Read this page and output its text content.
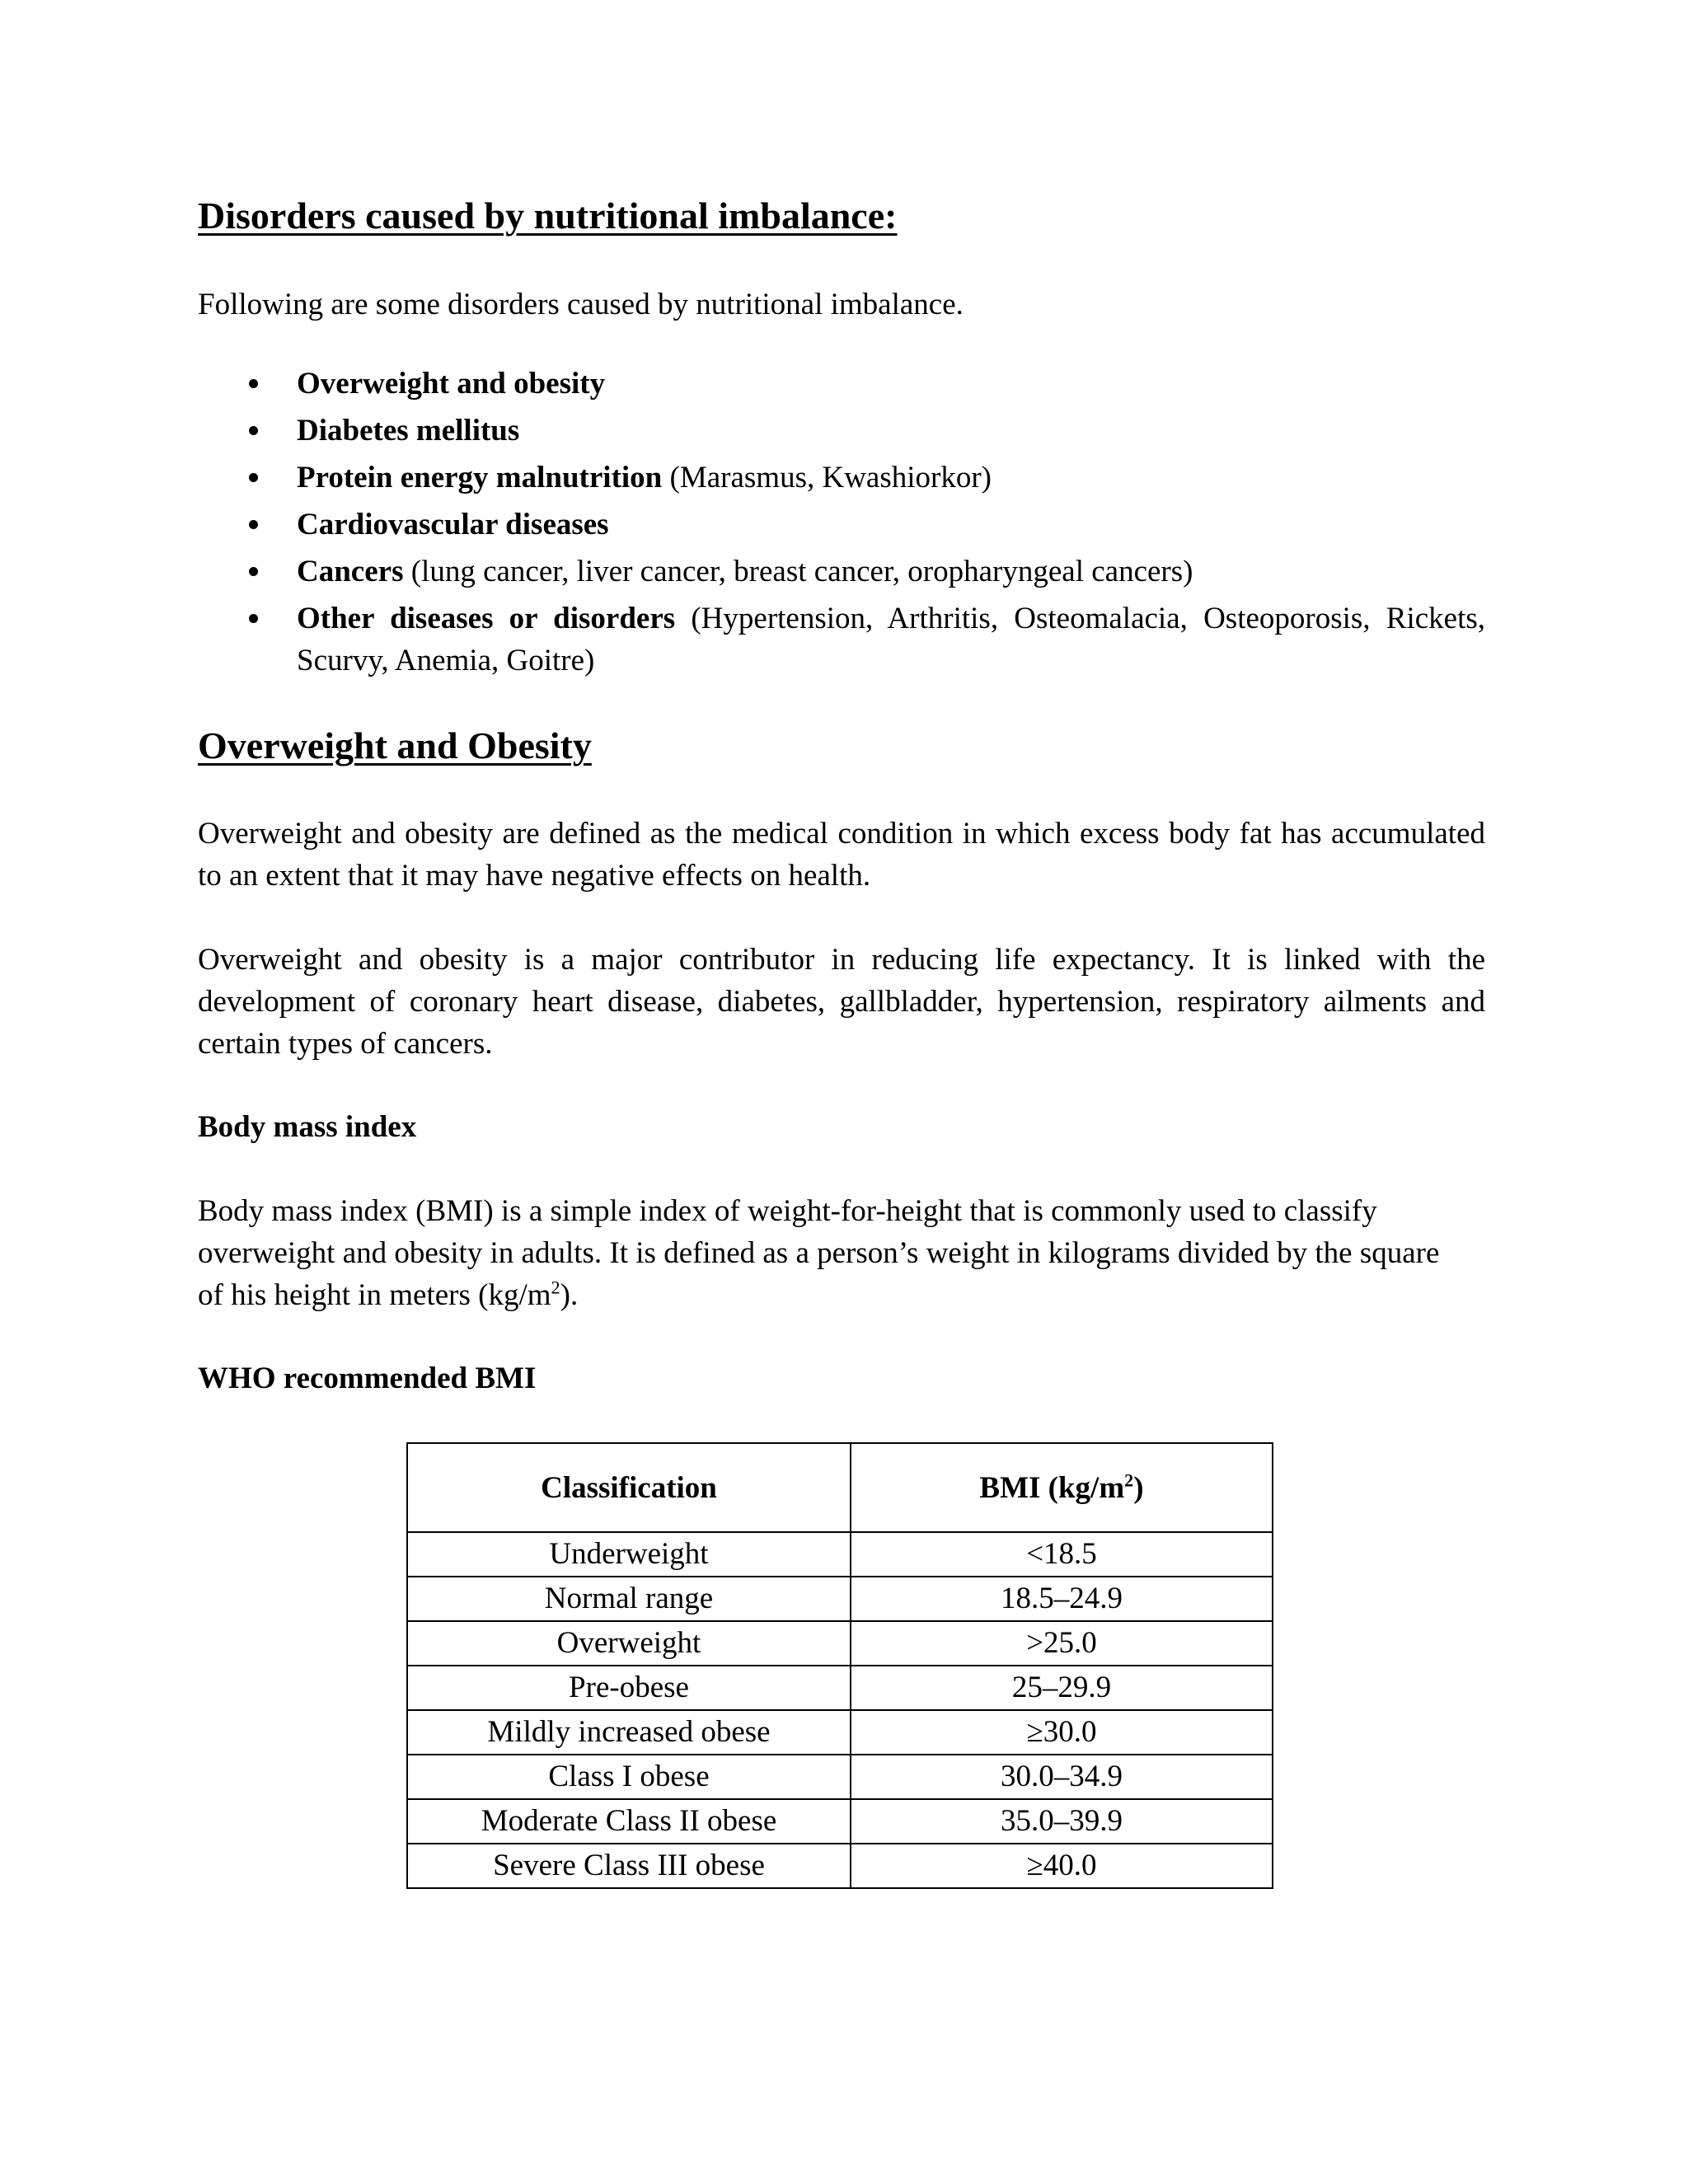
Disorders caused by nutritional imbalance:
Following are some disorders caused by nutritional imbalance.
Overweight and obesity
Diabetes mellitus
Protein energy malnutrition (Marasmus, Kwashiorkor)
Cardiovascular diseases
Cancers (lung cancer, liver cancer, breast cancer, oropharyngeal cancers)
Other diseases or disorders (Hypertension, Arthritis, Osteomalacia, Osteoporosis, Rickets, Scurvy, Anemia, Goitre)
Overweight and Obesity
Overweight and obesity are defined as the medical condition in which excess body fat has accumulated to an extent that it may have negative effects on health.
Overweight and obesity is a major contributor in reducing life expectancy. It is linked with the development of coronary heart disease, diabetes, gallbladder, hypertension, respiratory ailments and certain types of cancers.
Body mass index
Body mass index (BMI) is a simple index of weight-for-height that is commonly used to classify overweight and obesity in adults. It is defined as a person’s weight in kilograms divided by the square of his height in meters $(kg/m^2)$.
WHO recommended BMI
Classification	BMI $(kg/m^2)$
Underweight	<18.5
Normal range	18.5–24.9
Overweight	>25.0
Pre-obese	25–29.9
Mildly increased obese	≥30.0
Class I obese	30.0–34.9
Moderate Class II obese	35.0–39.9
Severe Class III obese	≥40.0
